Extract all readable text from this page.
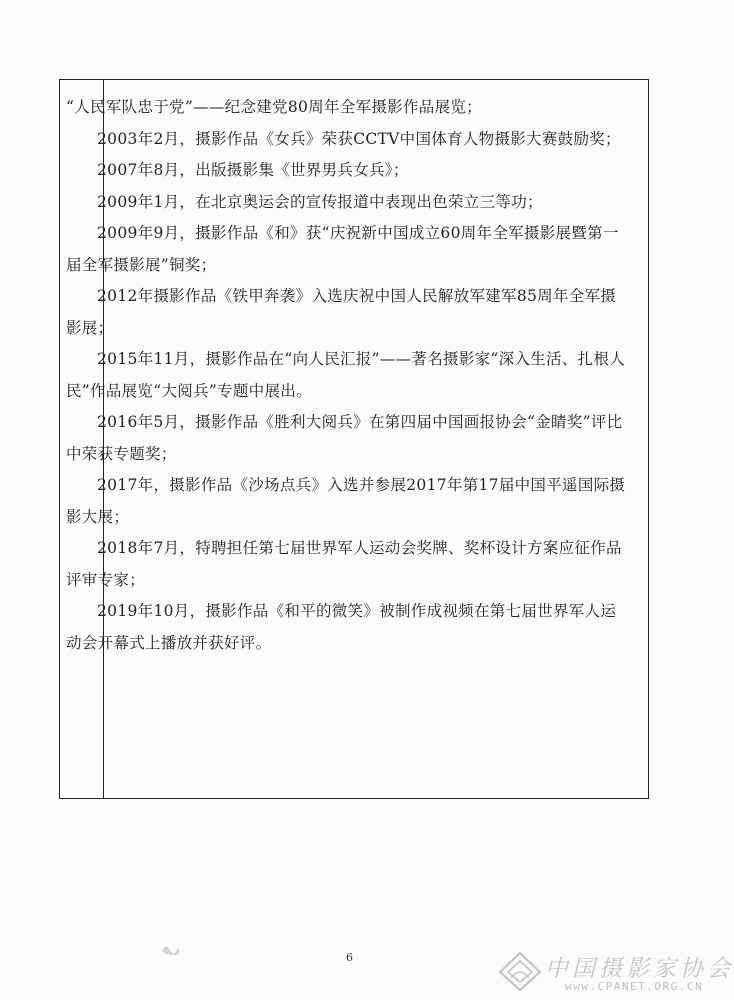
“人民军队忠于党”——纪念建党80周年全军摄影作品展览；

2003年2月，摄影作品《女兵》荣获CCTV中国体育人物摄影大赛鼓励奖；

2007年8月，出版摄影集《世界男兵女兵》；

2009年1月，在北京奥运会的宣传报道中表现出色荣立三等功；

2009年9月，摄影作品《和》获“庆祝新中国成立60周年全军摄影展暨第一届全军摄影展”铜奖；

2012年摄影作品《铁甲奔袭》入选庆祝中国人民解放军建军85周年全军摄影展；

2015年11月，摄影作品在“向人民汇报”——著名摄影家“深入生活、扎根人民”作品展览“大阅兵”专题中展出。

2016年5月，摄影作品《胜利大阅兵》在第四届中国画报协会“金睛奖”评比中荣获专题奖；

2017年，摄影作品《沙场点兵》入选并参展2017年第17届中国平遥国际摄影大展；

2018年7月，特聘担任第七届世界军人运动会奖牌、奖杯设计方案应征作品评审专家；

2019年10月，摄影作品《和平的微笑》被制作成视频在第七届世界军人运动会开幕式上播放并获好评。

6	中国摄影家协会
www.CPANET.ORG.CN
